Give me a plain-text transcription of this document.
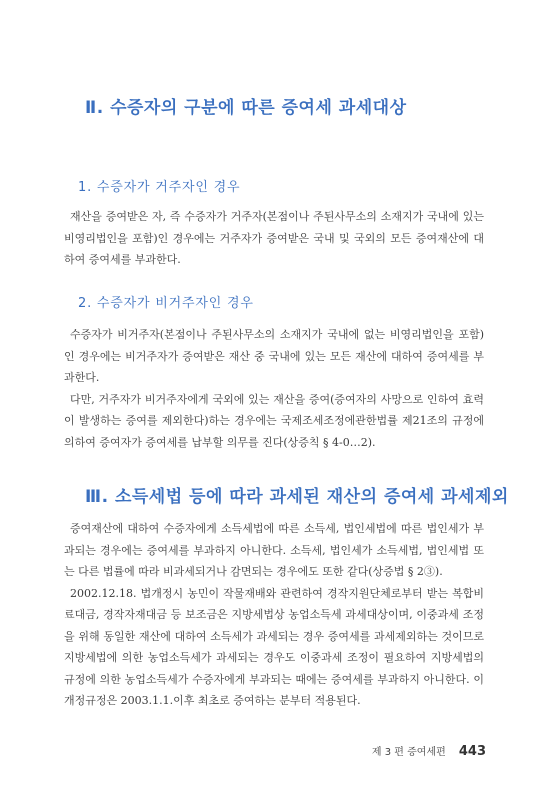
Ⅱ. 수증자의 구분에 따른 증여세 과세대상
1. 수증자가 거주자인 경우

재산을 증여받은 자, 즉 수증자가 거주자(본점이나 주된사무소의 소재지가 국내에 있는 비영리법인을 포함)인 경우에는 거주자가 증여받은 국내 및 국외의 모든 증여재산에 대하여 증여세를 부과한다.

2. 수증자가 비거주자인 경우

수증자가 비거주자(본점이나 주된사무소의 소재지가 국내에 없는 비영리법인을 포함)인 경우에는 비거주자가 증여받은 재산 중 국내에 있는 모든 재산에 대하여 증여세를 부과한다.

다만, 거주자가 비거주자에게 국외에 있는 재산을 증여(증여자의 사망으로 인하여 효력이 발생하는 증여를 제외한다)하는 경우에는 국제조세조정에관한법률 제21조의 규정에 의하여 증여자가 증여세를 납부할 의무를 진다(상증칙 § 4-0…2).

Ⅲ. 소득세법 등에 따라 과세된 재산의 증여세 과세제외

증여재산에 대하여 수증자에게 소득세법에 따른 소득세, 법인세법에 따른 법인세가 부과되는 경우에는 증여세를 부과하지 아니한다. 소득세, 법인세가 소득세법, 법인세법 또는 다른 법률에 따라 비과세되거나 감면되는 경우에도 또한 같다(상증법 § 2③).

2002.12.18. 법개정시 농민이 작물재배와 관련하여 경작지원단체로부터 받는 복합비료대금, 경작자재대금 등 보조금은 지방세법상 농업소득세 과세대상이며, 이중과세 조정을 위해 동일한 재산에 대하여 소득세가 과세되는 경우 증여세를 과세제외하는 것이므로 지방세법에 의한 농업소득세가 과세되는 경우도 이중과세 조정이 필요하여 지방세법의 규정에 의한 농업소득세가 수증자에게 부과되는 때에는 증여세를 부과하지 아니한다. 이 개정규정은 2003.1.1.이후 최초로 증여하는 분부터 적용된다.

제 3 편 증여세편 443
